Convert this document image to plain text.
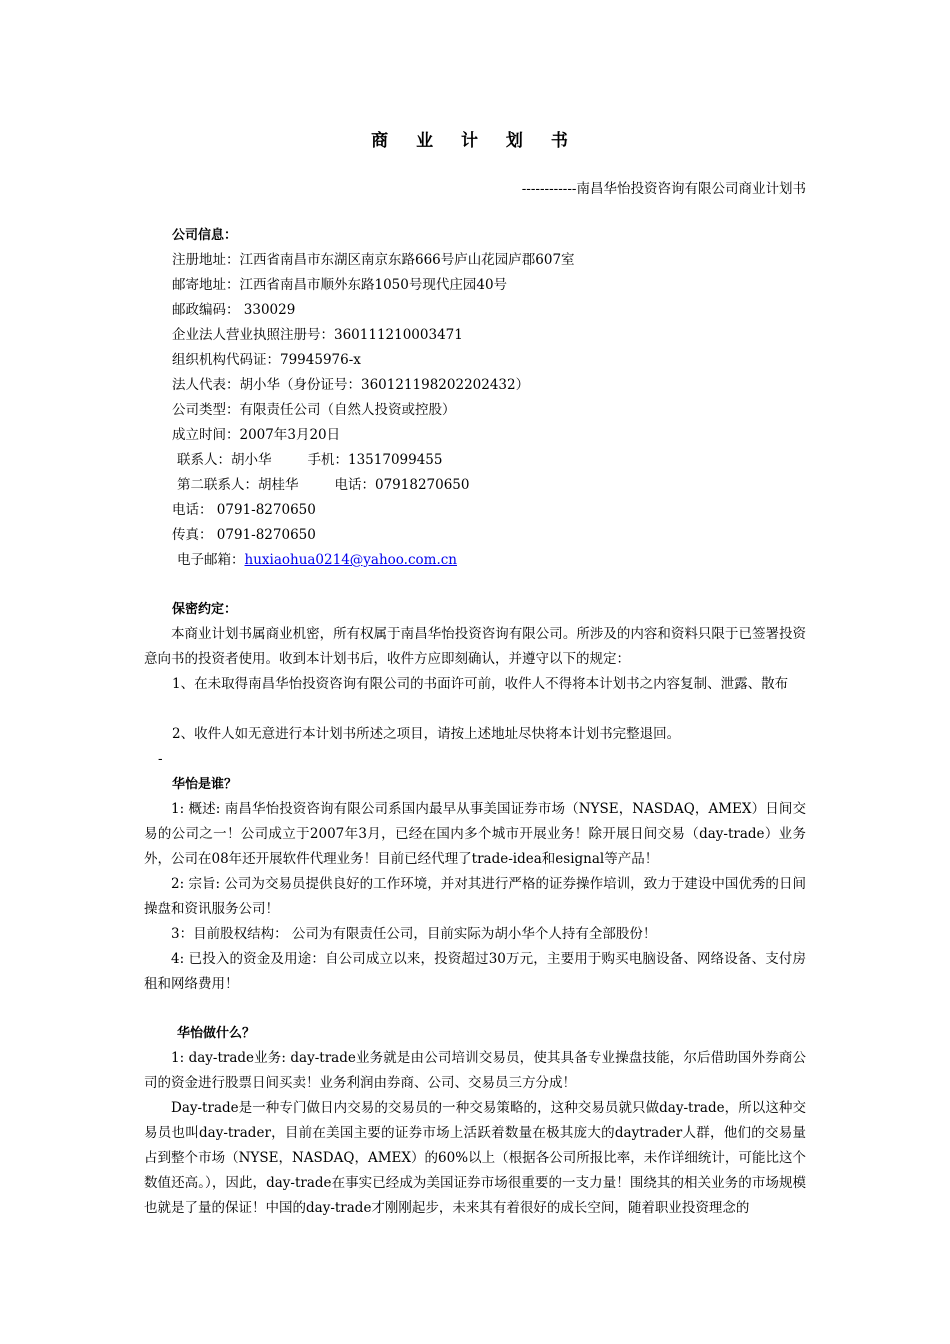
商 业 计 划 书
------------南昌华怡投资咨询有限公司商业计划书
公司信息：
注册地址：江西省南昌市东湖区南京东路666号庐山花园庐郡607室
邮寄地址：江西省南昌市顺外东路1050号现代庄园40号
邮政编码： 330029
企业法人营业执照注册号：360111210003471
组织机构代码证：79945976-x
法人代表：胡小华（身份证号：360121198202202432）
公司类型：有限责任公司（自然人投资或控股）
成立时间：2007年3月20日
联系人：胡小华	手机：13517099455
第二联系人：胡桂华	电话：07918270650
电话： 0791-8270650
传真： 0791-8270650
电子邮箱：huxiaohua0214@yahoo.com.cn
保密约定：
本商业计划书属商业机密，所有权属于南昌华怡投资咨询有限公司。所涉及的内容和资料只限于已签署投资意向书的投资者使用。收到本计划书后，收件方应即刻确认，并遵守以下的规定：
1、在未取得南昌华怡投资咨询有限公司的书面许可前，收件人不得将本计划书之内容复制、泄露、散布
2、收件人如无意进行本计划书所述之项目，请按上述地址尽快将本计划书完整退回。
-
华怡是谁？
1: 概述: 南昌华怡投资咨询有限公司系国内最早从事美国证券市场（NYSE，NASDAQ，AMEX）日间交易的公司之一！公司成立于2007年3月，已经在国内多个城市开展业务！除开展日间交易（day-trade）业务外，公司在08年还开展软件代理业务！目前已经代理了trade-idea和esignal等产品！
2: 宗旨: 公司为交易员提供良好的工作环境，并对其进行严格的证券操作培训，致力于建设中国优秀的日间操盘和资讯服务公司！
3：目前股权结构： 公司为有限责任公司，目前实际为胡小华个人持有全部股份！
4: 已投入的资金及用途：自公司成立以来，投资超过30万元，主要用于购买电脑设备、网络设备、支付房租和网络费用！
华怡做什么？
1: day-trade业务: day-trade业务就是由公司培训交易员，使其具备专业操盘技能，尔后借助国外券商公司的资金进行股票日间买卖！业务利润由券商、公司、交易员三方分成！
Day-trade是一种专门做日内交易的交易员的一种交易策略的，这种交易员就只做day-trade，所以这种交易员也叫day-trader，目前在美国主要的证券市场上活跃着数量在极其庞大的daytrader人群，他们的交易量占到整个市场（NYSE，NASDAQ，AMEX）的60%以上（根据各公司所报比率，未作详细统计，可能比这个数值还高。），因此，day-trade在事实已经成为美国证券市场很重要的一支力量！围绕其的相关业务的市场规模也就是了量的保证！中国的day-trade才刚刚起步，未来其有着很好的成长空间，随着职业投资理念的
